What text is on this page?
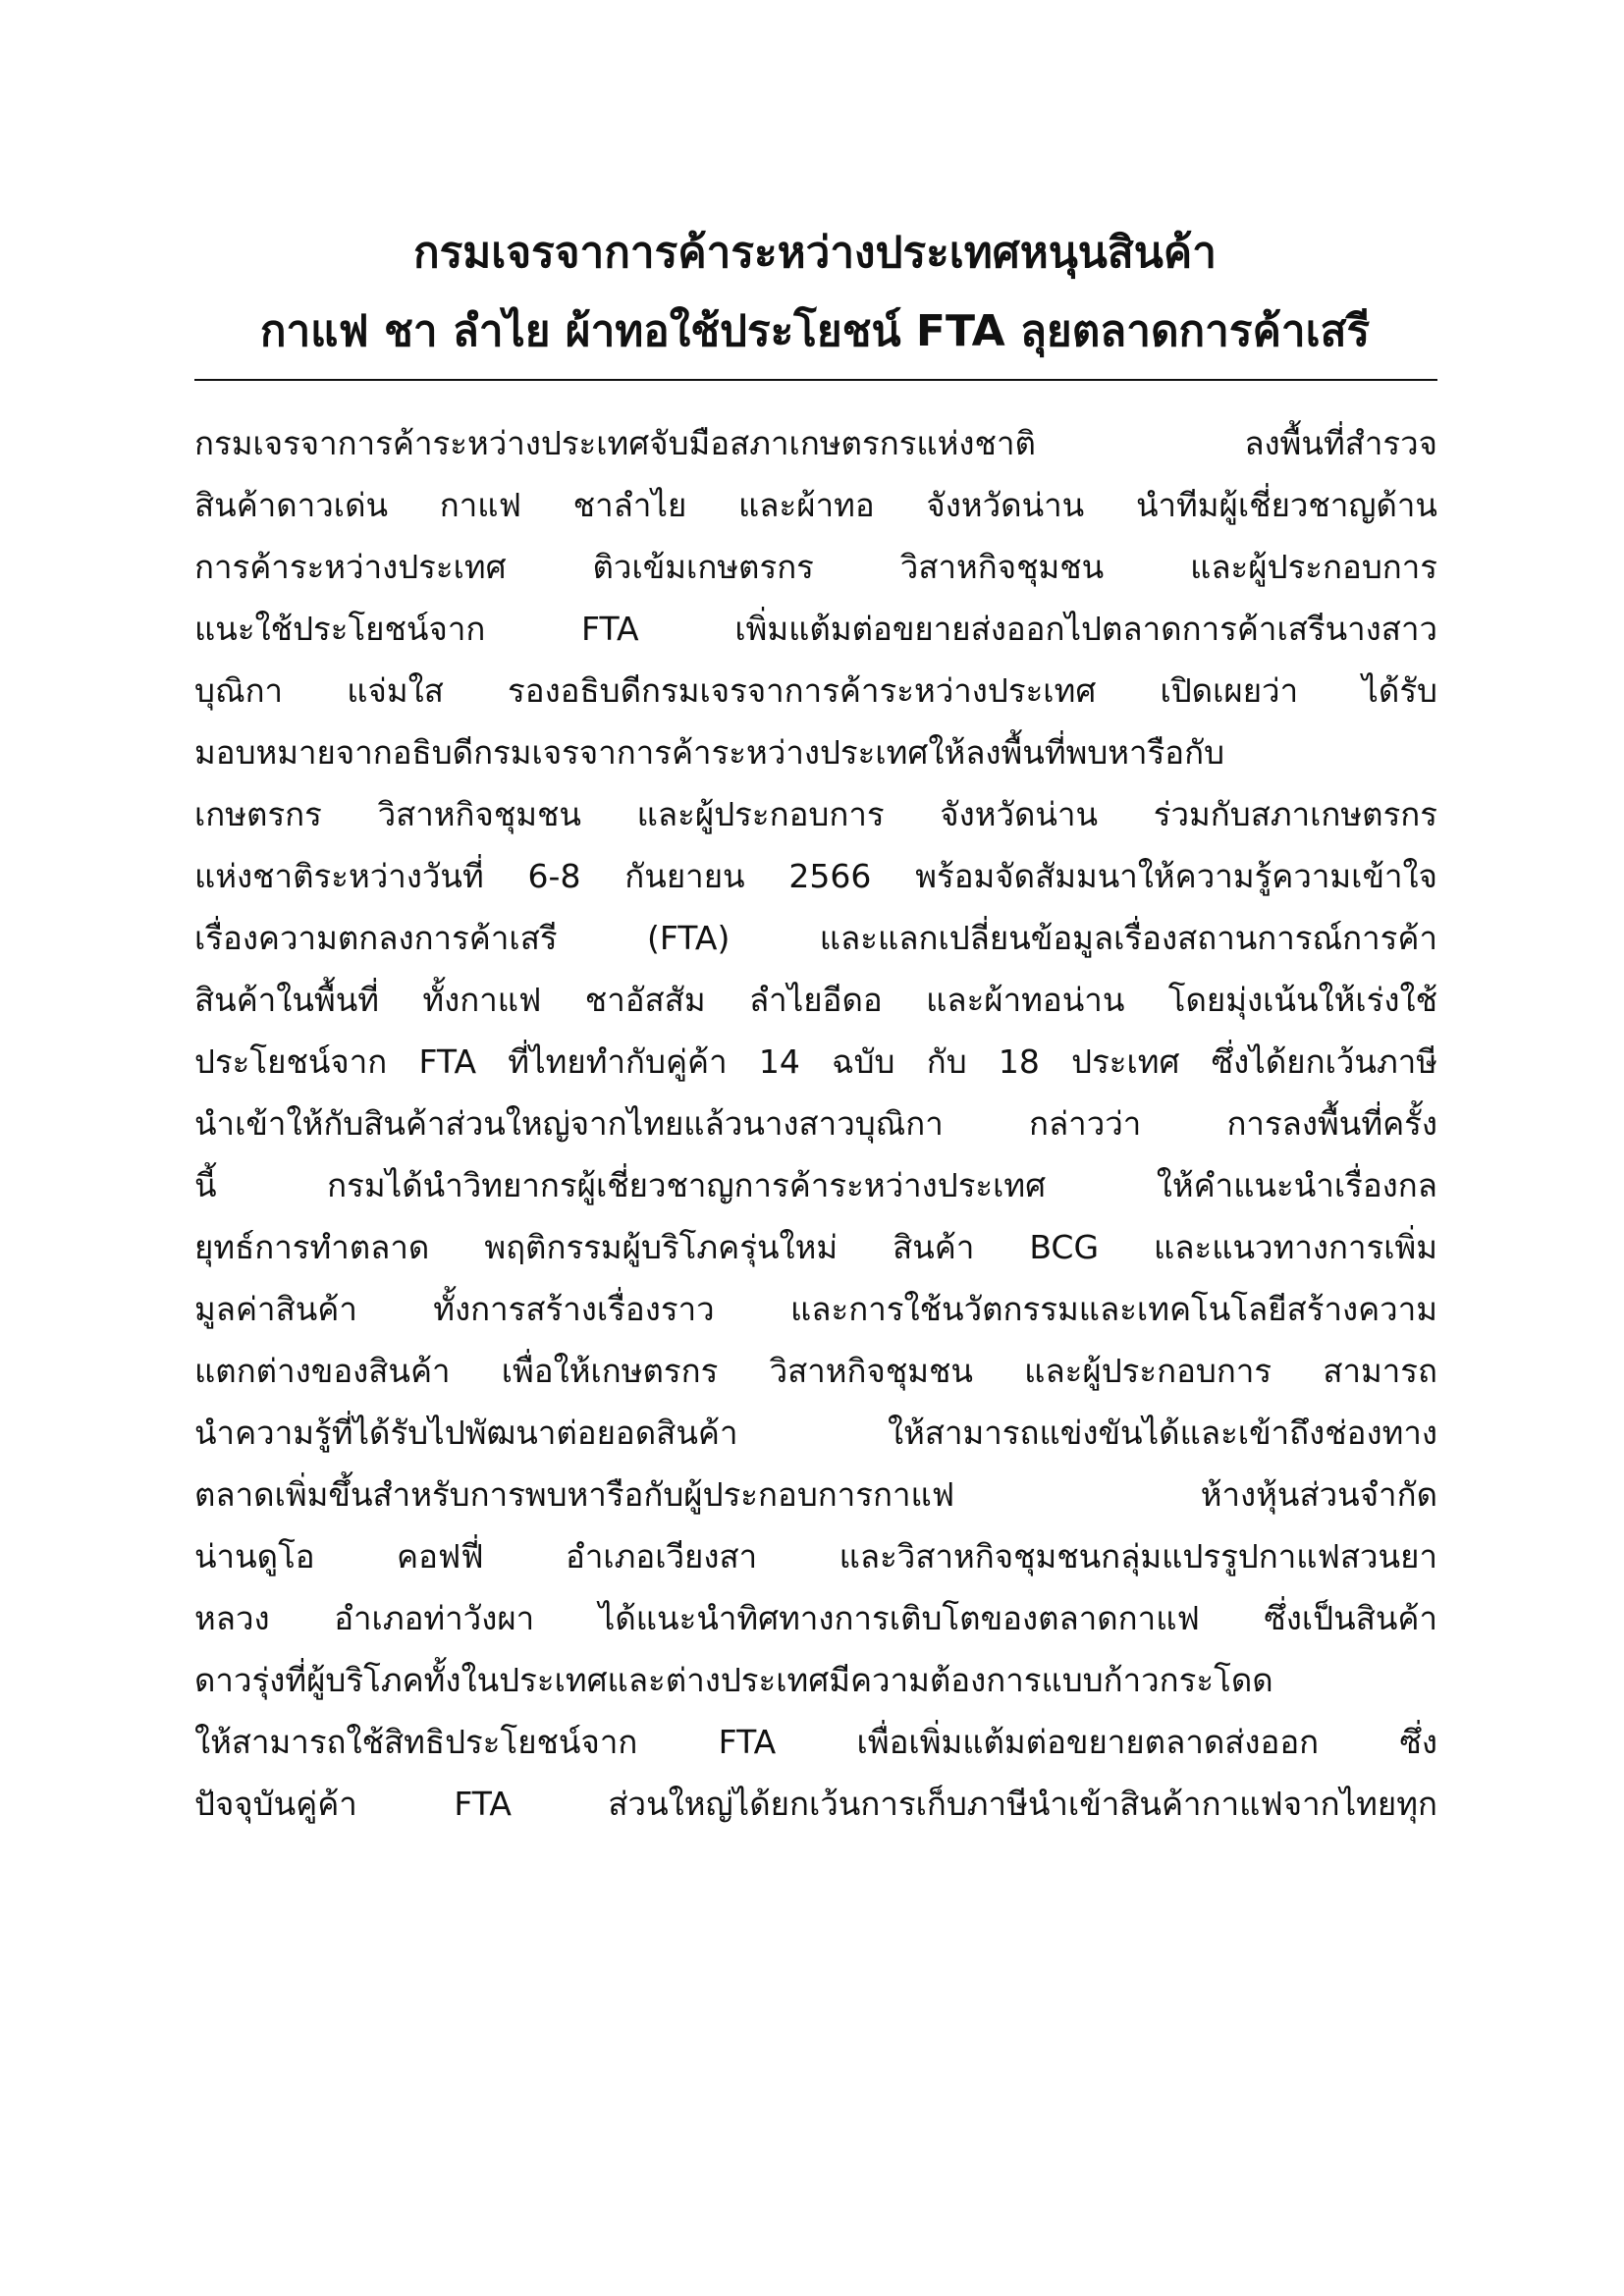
กรมเจรจาการค้าระหว่างประเทศหนุนสินค้า
กาแฟ ชา ลำไย ผ้าทอใช้ประโยชน์ FTA ลุยตลาดการค้าเสรี
กรมเจรจาการค้าระหว่างประเทศจับมือสภาเกษตรกรแห่งชาติ ลงพื้นที่สำรวจ
สินค้าดาวเด่น กาแฟ ชาลำไย และผ้าทอ จังหวัดน่าน นำทีมผู้เชี่ยวชาญด้าน
การค้าระหว่างประเทศ ติวเข้มเกษตรกร วิสาหกิจชุมชน และผู้ประกอบการ
แนะใช้ประโยชน์จาก FTA เพิ่มแต้มต่อขยายส่งออกไปตลาดการค้าเสรีนางสาว
บุณิกา แจ่มใส รองอธิบดีกรมเจรจาการค้าระหว่างประเทศ เปิดเผยว่า ได้รับ
มอบหมายจากอธิบดีกรมเจรจาการค้าระหว่างประเทศให้ลงพื้นที่พบหารือกับ
เกษตรกร วิสาหกิจชุมชน และผู้ประกอบการ จังหวัดน่าน ร่วมกับสภาเกษตรกร
แห่งชาติระหว่างวันที่ 6-8 กันยายน 2566 พร้อมจัดสัมมนาให้ความรู้ความเข้าใจ
เรื่องความตกลงการค้าเสรี (FTA) และแลกเปลี่ยนข้อมูลเรื่องสถานการณ์การค้า
สินค้าในพื้นที่ ทั้งกาแฟ ชาอัสสัม ลำไยอีดอ และผ้าทอน่าน โดยมุ่งเน้นให้เร่งใช้
ประโยชน์จาก FTA ที่ไทยทำกับคู่ค้า 14 ฉบับ กับ 18 ประเทศ ซึ่งได้ยกเว้นภาษี
นำเข้าให้กับสินค้าส่วนใหญ่จากไทยแล้วนางสาวบุณิกา กล่าวว่า การลงพื้นที่ครั้ง
นี้ กรมได้นำวิทยากรผู้เชี่ยวชาญการค้าระหว่างประเทศ ให้คำแนะนำเรื่องกล
ยุทธ์การทำตลาด พฤติกรรมผู้บริโภครุ่นใหม่ สินค้า BCG และแนวทางการเพิ่ม
มูลค่าสินค้า ทั้งการสร้างเรื่องราว และการใช้นวัตกรรมและเทคโนโลยีสร้างความ
แตกต่างของสินค้า เพื่อให้เกษตรกร วิสาหกิจชุมชน และผู้ประกอบการ สามารถ
นำความรู้ที่ได้รับไปพัฒนาต่อยอดสินค้า ให้สามารถแข่งขันได้และเข้าถึงช่องทาง
ตลาดเพิ่มขึ้นสำหรับการพบหารือกับผู้ประกอบการกาแฟ ห้างหุ้นส่วนจำกัด
น่านดูโอ คอฟฟี่ อำเภอเวียงสา และวิสาหกิจชุมชนกลุ่มแปรรูปกาแฟสวนยา
หลวง อำเภอท่าวังผา ได้แนะนำทิศทางการเติบโตของตลาดกาแฟ ซึ่งเป็นสินค้า
ดาวรุ่งที่ผู้บริโภคทั้งในประเทศและต่างประเทศมีความต้องการแบบก้าวกระโดด
ให้สามารถใช้สิทธิประโยชน์จาก FTA เพื่อเพิ่มแต้มต่อขยายตลาดส่งออก ซึ่ง
ปัจจุบันคู่ค้า FTA ส่วนใหญ่ได้ยกเว้นการเก็บภาษีนำเข้าสินค้ากาแฟจากไทยทุก
